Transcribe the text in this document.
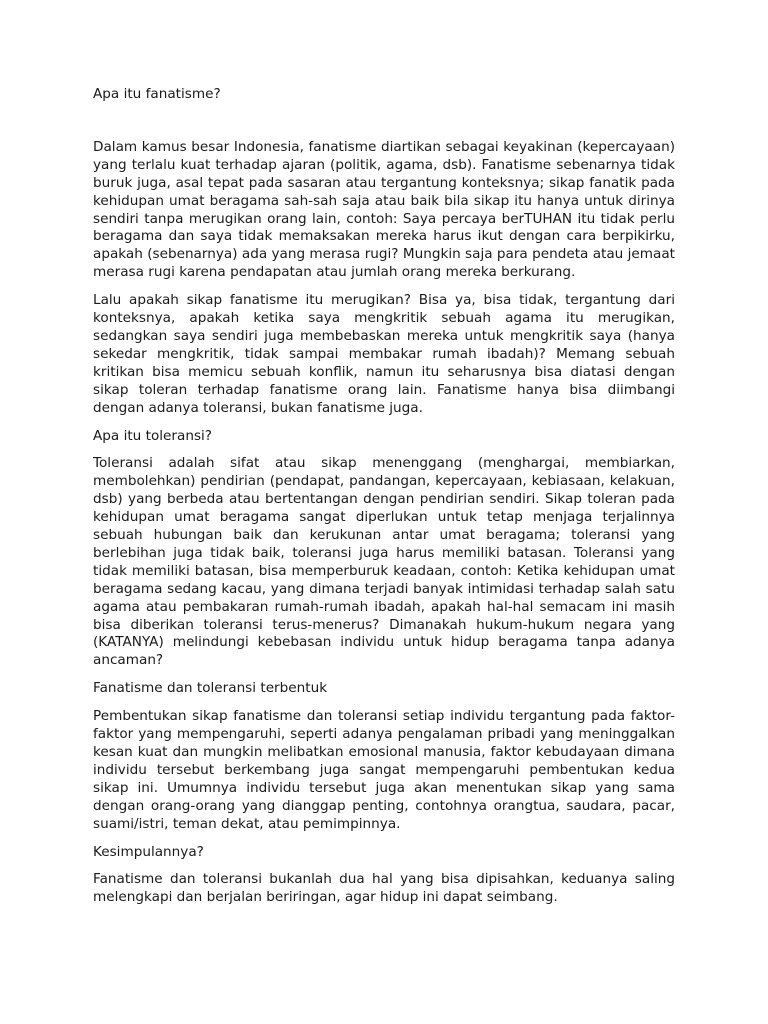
Apa itu fanatisme?

Dalam kamus besar Indonesia, fanatisme diartikan sebagai keyakinan (kepercayaan) yang terlalu kuat terhadap ajaran (politik, agama, dsb). Fanatisme sebenarnya tidak buruk juga, asal tepat pada sasaran atau tergantung konteksnya; sikap fanatik pada kehidupan umat beragama sah-sah saja atau baik bila sikap itu hanya untuk dirinya sendiri tanpa merugikan orang lain, contoh: Saya percaya berTUHAN itu tidak perlu beragama dan saya tidak memaksakan mereka harus ikut dengan cara berpikirku, apakah (sebenarnya) ada yang merasa rugi? Mungkin saja para pendeta atau jemaat merasa rugi karena pendapatan atau jumlah orang mereka berkurang.

Lalu apakah sikap fanatisme itu merugikan? Bisa ya, bisa tidak, tergantung dari konteksnya, apakah ketika saya mengkritik sebuah agama itu merugikan, sedangkan saya sendiri juga membebaskan mereka untuk mengkritik saya (hanya sekedar mengkritik, tidak sampai membakar rumah ibadah)? Memang sebuah kritikan bisa memicu sebuah konflik, namun itu seharusnya bisa diatasi dengan sikap toleran terhadap fanatisme orang lain. Fanatisme hanya bisa diimbangi dengan adanya toleransi, bukan fanatisme juga.

Apa itu toleransi?

Toleransi adalah sifat atau sikap menenggang (menghargai, membiarkan, membolehkan) pendirian (pendapat, pandangan, kepercayaan, kebiasaan, kelakuan, dsb) yang berbeda atau bertentangan dengan pendirian sendiri. Sikap toleran pada kehidupan umat beragama sangat diperlukan untuk tetap menjaga terjalinnya sebuah hubungan baik dan kerukunan antar umat beragama; toleransi yang berlebihan juga tidak baik, toleransi juga harus memiliki batasan. Toleransi yang tidak memiliki batasan, bisa memperburuk keadaan, contoh: Ketika kehidupan umat beragama sedang kacau, yang dimana terjadi banyak intimidasi terhadap salah satu agama atau pembakaran rumah-rumah ibadah, apakah hal-hal semacam ini masih bisa diberikan toleransi terus-menerus? Dimanakah hukum-hukum negara yang (KATANYA) melindungi kebebasan individu untuk hidup beragama tanpa adanya ancaman?

Fanatisme dan toleransi terbentuk

Pembentukan sikap fanatisme dan toleransi setiap individu tergantung pada faktor-faktor yang mempengaruhi, seperti adanya pengalaman pribadi yang meninggalkan kesan kuat dan mungkin melibatkan emosional manusia, faktor kebudayaan dimana individu tersebut berkembang juga sangat mempengaruhi pembentukan kedua sikap ini. Umumnya individu tersebut juga akan menentukan sikap yang sama dengan orang-orang yang dianggap penting, contohnya orangtua, saudara, pacar, suami/istri, teman dekat, atau pemimpinnya.

Kesimpulannya?

Fanatisme dan toleransi bukanlah dua hal yang bisa dipisahkan, keduanya saling melengkapi dan berjalan beriringan, agar hidup ini dapat seimbang.
